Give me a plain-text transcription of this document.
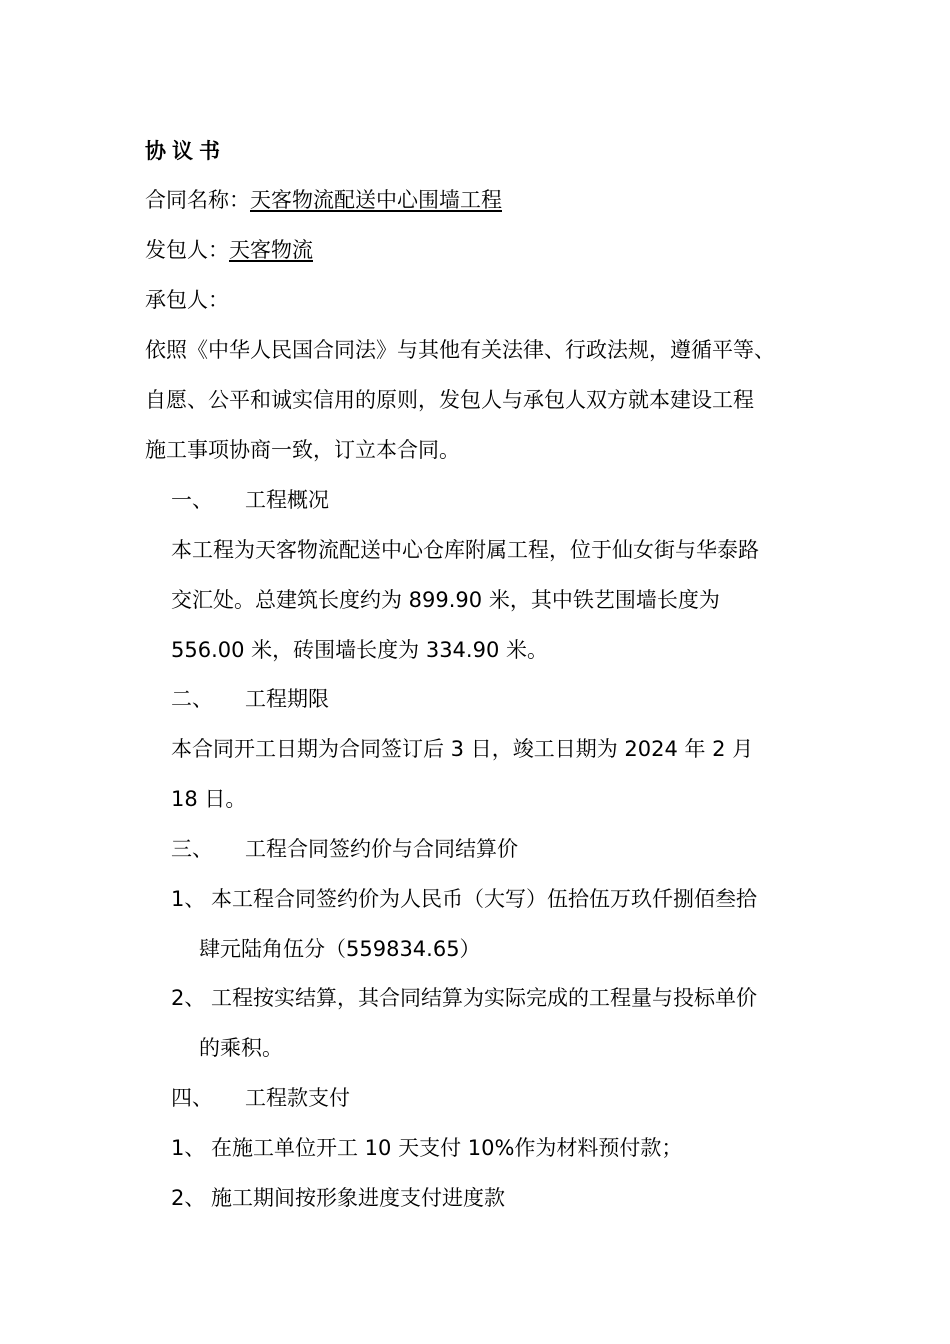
协议书
合同名称：天客物流配送中心围墙工程
发包人：天客物流
承包人：
依照《中华人民国合同法》与其他有关法律、行政法规，遵循平等、
自愿、公平和诚实信用的原则，发包人与承包人双方就本建设工程
施工事项协商一致，订立本合同。
一、 工程概况
本工程为天客物流配送中心仓库附属工程，位于仙女街与华泰路
交汇处。总建筑长度约为 899.90 米，其中铁艺围墙长度为
556.00 米，砖围墙长度为 334.90 米。
二、 工程期限
本合同开工日期为合同签订后 3 日，竣工日期为 2024 年 2 月
18 日。
三、 工程合同签约价与合同结算价
1、 本工程合同签约价为人民币（大写）伍拾伍万玖仟捌佰叁拾
肆元陆角伍分（559834.65）
2、 工程按实结算，其合同结算为实际完成的工程量与投标单价
的乘积。
四、 工程款支付
1、 在施工单位开工 10 天支付 10%作为材料预付款；
2、 施工期间按形象进度支付进度款
